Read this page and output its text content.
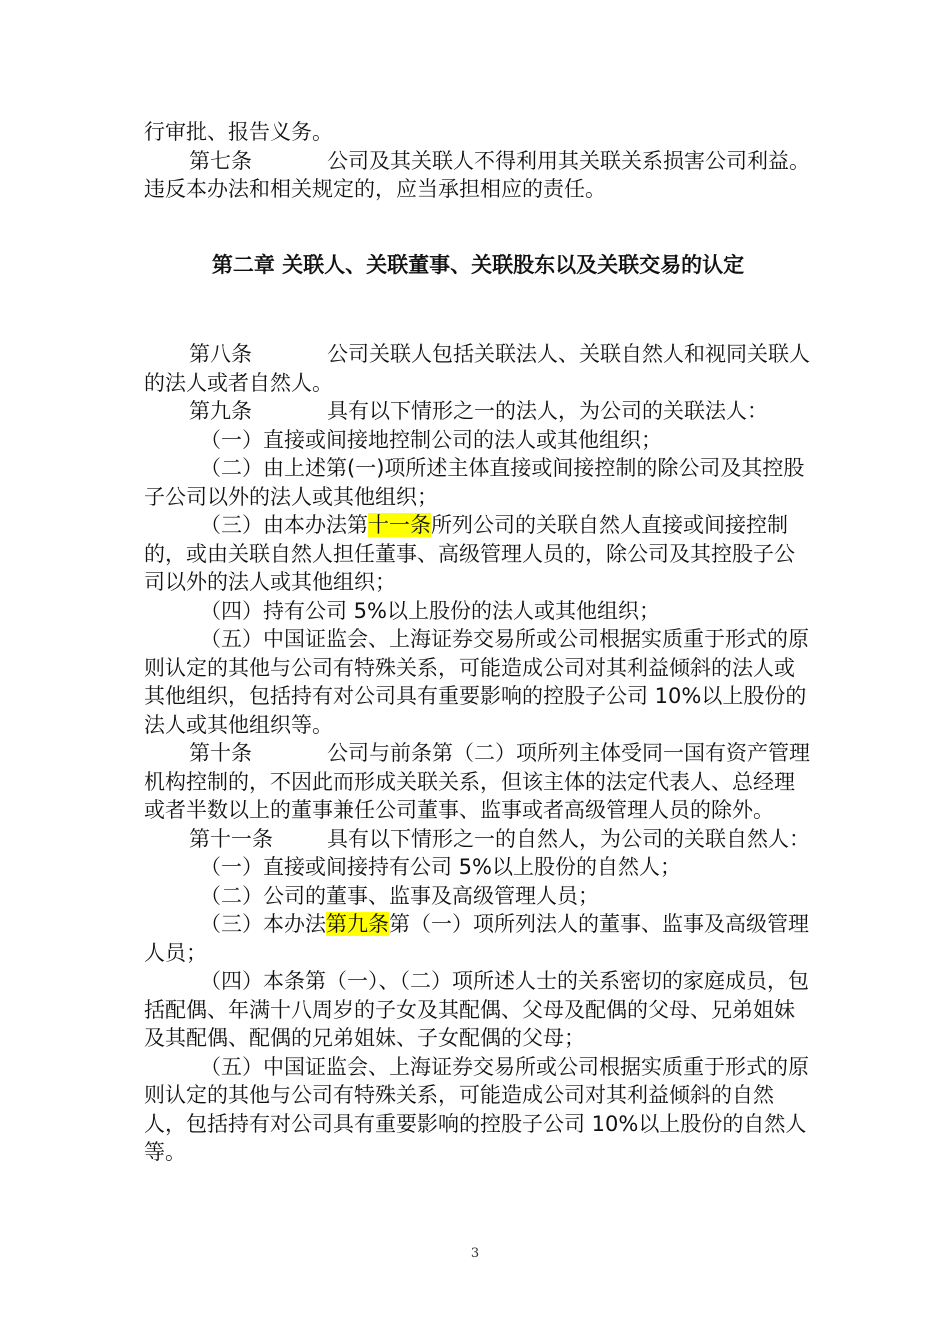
行审批、报告义务。

第七条	公司及其关联人不得利用其关联关系损害公司利益。违反本办法和相关规定的，应当承担相应的责任。

第二章 关联人、关联董事、关联股东以及关联交易的认定

第八条	公司关联人包括关联法人、关联自然人和视同关联人的法人或者自然人。

第九条	具有以下情形之一的法人，为公司的关联法人：

（一）直接或间接地控制公司的法人或其他组织；

（二）由上述第(一)项所述主体直接或间接控制的除公司及其控股子公司以外的法人或其他组织；

（三）由本办法第十一条所列公司的关联自然人直接或间接控制的，或由关联自然人担任董事、高级管理人员的，除公司及其控股子公司以外的法人或其他组织；

（四）持有公司 5%以上股份的法人或其他组织；

（五）中国证监会、上海证券交易所或公司根据实质重于形式的原则认定的其他与公司有特殊关系，可能造成公司对其利益倾斜的法人或其他组织，包括持有对公司具有重要影响的控股子公司 10%以上股份的法人或其他组织等。

第十条	公司与前条第（二）项所列主体受同一国有资产管理机构控制的，不因此而形成关联关系，但该主体的法定代表人、总经理或者半数以上的董事兼任公司董事、监事或者高级管理人员的除外。

第十一条	具有以下情形之一的自然人，为公司的关联自然人：

（一）直接或间接持有公司 5%以上股份的自然人；

（二）公司的董事、监事及高级管理人员；

（三）本办法第九条第（一）项所列法人的董事、监事及高级管理人员；

（四）本条第（一）、（二）项所述人士的关系密切的家庭成员，包括配偶、年满十八周岁的子女及其配偶、父母及配偶的父母、兄弟姐妹及其配偶、配偶的兄弟姐妹、子女配偶的父母；

（五）中国证监会、上海证券交易所或公司根据实质重于形式的原则认定的其他与公司有特殊关系，可能造成公司对其利益倾斜的自然人，包括持有对公司具有重要影响的控股子公司 10%以上股份的自然人等。

3
